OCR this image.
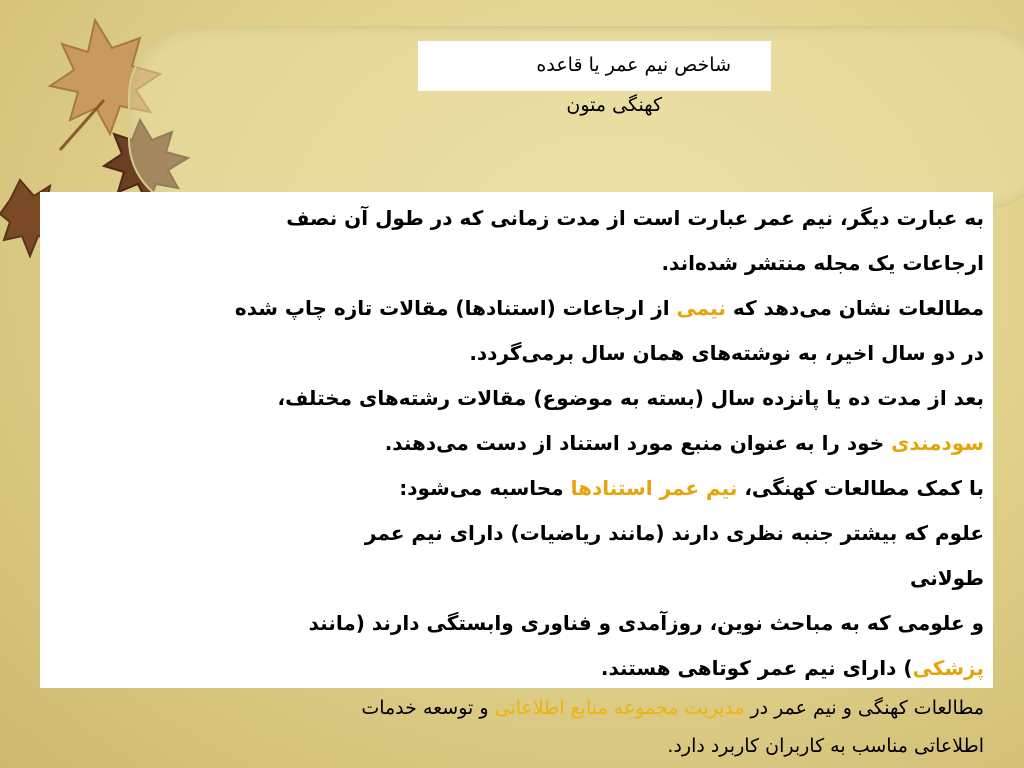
شاخص نیم عمر یا قاعده
کهنگی متون
به عبارت دیگر، نیم عمر عبارت است از مدت زمانی که در طول آن نصف
ارجاعات یک مجله منتشر شده‌اند.
مطالعات نشان می‌دهد که نیمی از ارجاعات (استنادها) مقالات تازه چاپ شده
در دو سال اخیر، به نوشته‌های همان سال برمی‌گردد.
بعد از مدت ده یا پانزده سال (بسته به موضوع) مقالات رشته‌های مختلف،
سودمندی خود را به عنوان منبع مورد استناد از دست می‌دهند.
با کمک مطالعات کهنگی، نیم عمر استنادها محاسبه می‌شود:
علوم که بیشتر جنبه نظری دارند (مانند ریاضیات) دارای نیم عمر
طولانی
و علومی که به مباحث نوین، روزآمدی و فناوری وابستگی دارند (مانند
پزشکی) دارای نیم عمر کوتاهی هستند.
مطالعات کهنگی و نیم عمر در مدیریت مجموعه منابع اطلاعاتی و توسعه خدمات
اطلاعاتی مناسب به کاربران کاربرد دارد.
